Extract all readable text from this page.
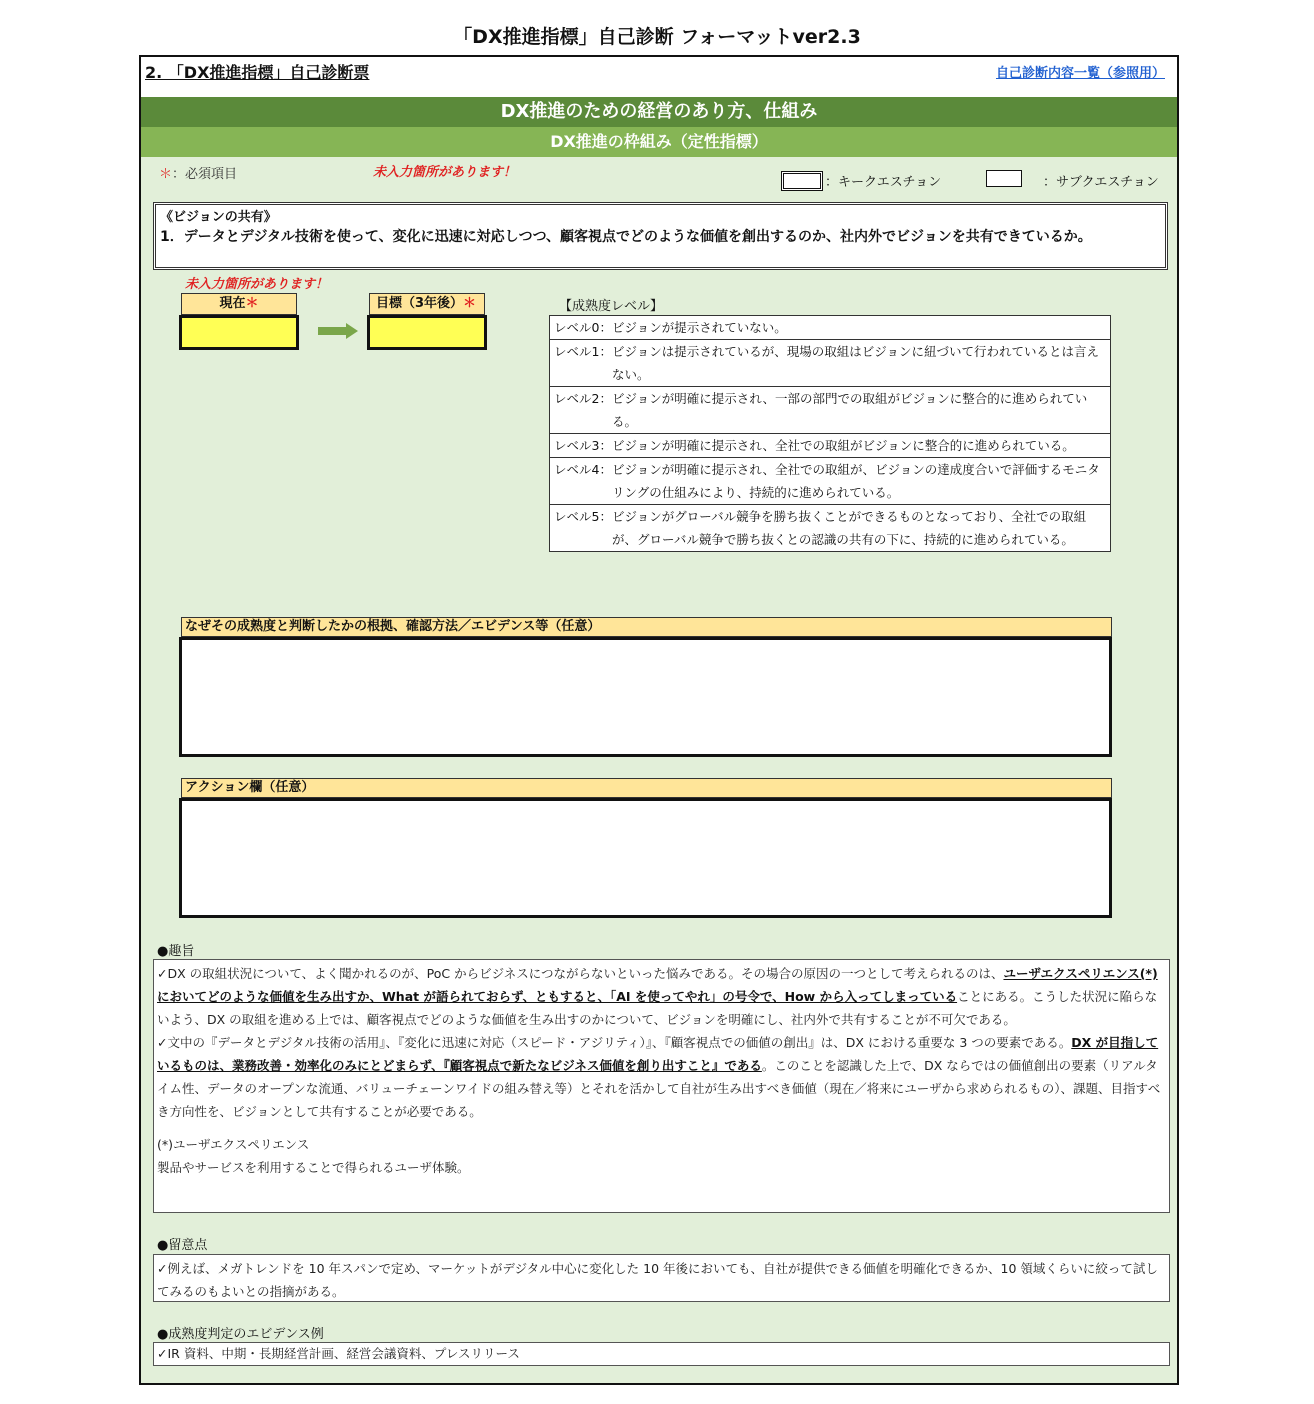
「DX推進指標」自己診断 フォーマットver2.3
2. 「DX推進指標」自己診断票	自己診断内容一覧（参照用）
DX推進のための経営のあり方、仕組み
DX推進の枠組み（定性指標）
＊：必須項目	未入力箇所があります！
：キークエスチョン	：サブクエスチョン
《ビジョンの共有》
1．データとデジタル技術を使って、変化に迅速に対応しつつ、顧客視点でどのような価値を創出するのか、社内外でビジョンを共有できているか。
未入力箇所があります！
現在＊	目標（3年後） ＊	【成熟度レベル】
レベル0： ビジョンが提示されていない。
レベル1： ビジョンは提示されているが、現場の取組はビジョンに紐づいて行われているとは言えない。
レベル2： ビジョンが明確に提示され、一部の部門での取組がビジョンに整合的に進められている。
レベル3： ビジョンが明確に提示され、全社での取組がビジョンに整合的に進められている。
レベル4： ビジョンが明確に提示され、全社での取組が、ビジョンの達成度合いで評価するモニタリングの仕組みにより、持続的に進められている。
レベル5： ビジョンがグローバル競争を勝ち抜くことができるものとなっており、全社での取組が、グローバル競争で勝ち抜くとの認識の共有の下に、持続的に進められている。
なぜその成熟度と判断したかの根拠、確認方法／エビデンス等（任意）
アクション欄（任意）
●趣旨
✓DX の取組状況について、よく聞かれるのが、PoC からビジネスにつながらないといった悩みである。その場合の原因の一つとして考えられるのは、ユーザエクスペリエンス(*)においてどのような価値を生み出すか、What が語られておらず、ともすると、「AI を使ってやれ」の号令で、How から入ってしまっていることにある。こうした状況に陥らないよう、DX の取組を進める上では、顧客視点でどのような価値を生み出すのかについて、ビジョンを明確にし、社内外で共有することが不可欠である。
✓文中の『データとデジタル技術の活用』、『変化に迅速に対応（スピード・アジリティ）』、『顧客視点での価値の創出』は、DX における重要な 3 つの要素である。DX が目指しているものは、業務改善・効率化のみにとどまらず、『顧客視点で新たなビジネス価値を創り出すこと』である。このことを認識した上で、DX ならではの価値創出の要素（リアルタイム性、データのオープンな流通、バリューチェーンワイドの組み替え等）とそれを活かして自社が生み出すべき価値（現在／将来にユーザから求められるもの）、課題、目指すべき方向性を、ビジョンとして共有することが必要である。
(*)ユーザエクスペリエンス
製品やサービスを利用することで得られるユーザ体験。
●留意点
✓例えば、メガトレンドを 10 年スパンで定め、マーケットがデジタル中心に変化した 10 年後においても、自社が提供できる価値を明確化できるか、10 領域くらいに絞って試してみるのもよいとの指摘がある。
●成熟度判定のエビデンス例
✓IR 資料、中期・長期経営計画、経営会議資料、プレスリリース
